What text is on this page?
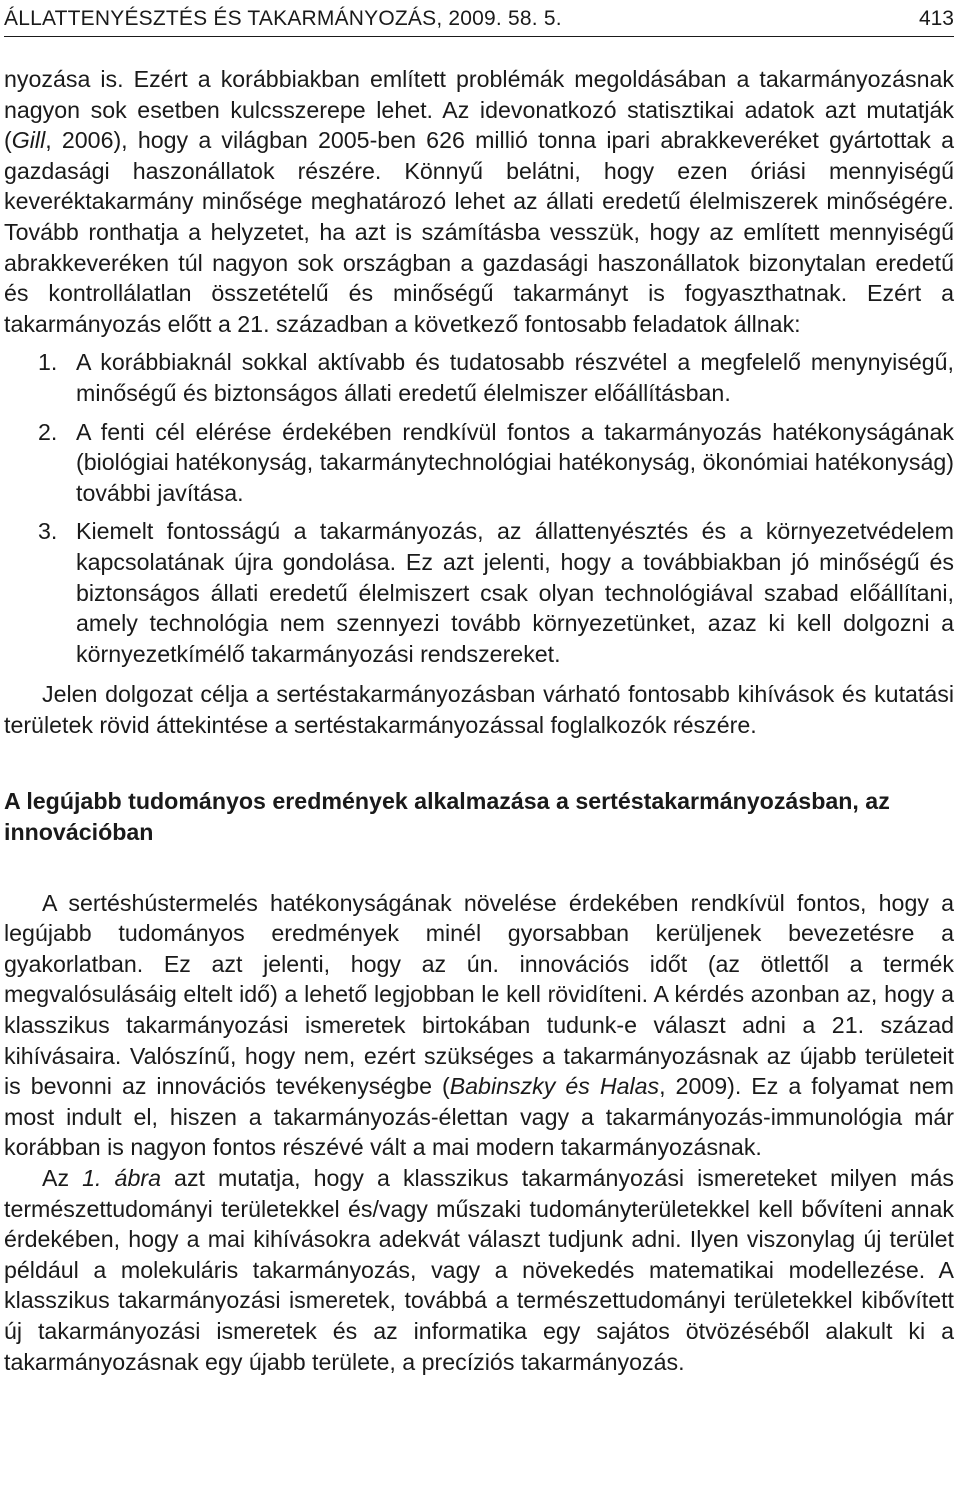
ÁLLATTENYÉSZTÉS ÉS TAKARMÁNYOZÁS, 2009. 58. 5.	413

nyozása is. Ezért a korábbiakban említett problémák megoldásában a takarmányozásnak nagyon sok esetben kulcsszerepe lehet. Az idevonatkozó statisztikai adatok azt mutatják (Gill, 2006), hogy a világban 2005-ben 626 millió tonna ipari abrakkeveréket gyártottak a gazdasági haszonállatok részére. Könnyű belátni, hogy ezen óriási mennyiségű keveréktakarmány minősége meghatározó lehet az állati eredetű élelmiszerek minőségére. Tovább ronthatja a helyzetet, ha azt is számításba vesszük, hogy az említett mennyiségű abrakkeveréken túl nagyon sok országban a gazdasági haszonállatok bizonytalan eredetű és kontrollálatlan összetételű és minőségű takarmányt is fogyaszthatnak. Ezért a takarmányozás előtt a 21. században a következő fontosabb feladatok állnak:

1. A korábbiaknál sokkal aktívabb és tudatosabb részvétel a megfelelő menynyiségű, minőségű és biztonságos állati eredetű élelmiszer előállításban.
2. A fenti cél elérése érdekében rendkívül fontos a takarmányozás hatékonyságának (biológiai hatékonyság, takarmánytechnológiai hatékonyság, ökonómiai hatékonyság) további javítása.
3. Kiemelt fontosságú a takarmányozás, az állattenyésztés és a környezetvédelem kapcsolatának újra gondolása. Ez azt jelenti, hogy a továbbiakban jó minőségű és biztonságos állati eredetű élelmiszert csak olyan technológiával szabad előállítani, amely technológia nem szennyezi tovább környezetünket, azaz ki kell dolgozni a környezetkímélő takarmányozási rendszereket.

Jelen dolgozat célja a sertéstakarmányozásban várható fontosabb kihívások és kutatási területek rövid áttekintése a sertéstakarmányozással foglalkozók részére.

A legújabb tudományos eredmények alkalmazása a sertéstakarmányozásban, az innovációban

A sertéshústermelés hatékonyságának növelése érdekében rendkívül fontos, hogy a legújabb tudományos eredmények minél gyorsabban kerüljenek bevezetésre a gyakorlatban. Ez azt jelenti, hogy az ún. innovációs időt (az ötlettől a termék megvalósulásáig eltelt idő) a lehető legjobban le kell rövidíteni. A kérdés azonban az, hogy a klasszikus takarmányozási ismeretek birtokában tudunk-e választ adni a 21. század kihívásaira. Valószínű, hogy nem, ezért szükséges a takarmányozásnak az újabb területeit is bevonni az innovációs tevékenységbe (Babinszky és Halas, 2009). Ez a folyamat nem most indult el, hiszen a takarmányozás-élettan vagy a takarmányozás-immunológia már korábban is nagyon fontos részévé vált a mai modern takarmányozásnak.

Az 1. ábra azt mutatja, hogy a klasszikus takarmányozási ismereteket milyen más természettudományi területekkel és/vagy műszaki tudományterületekkel kell bővíteni annak érdekében, hogy a mai kihívásokra adekvát választ tudjunk adni. Ilyen viszonylag új terület például a molekuláris takarmányozás, vagy a növekedés matematikai modellezése. A klasszikus takarmányozási ismeretek, továbbá a természettudományi területekkel kibővített új takarmányozási ismeretek és az informatika egy sajátos ötvözéséből alakult ki a takarmányozásnak egy újabb területe, a precíziós takarmányozás.
